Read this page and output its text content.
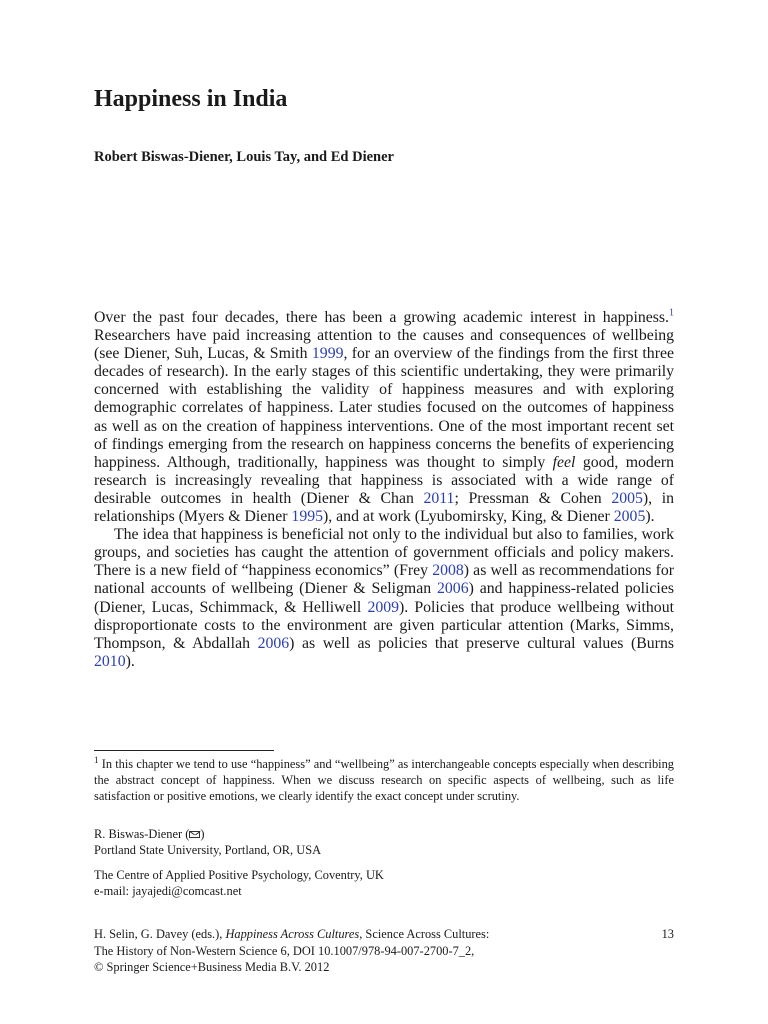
Happiness in India
Robert Biswas-Diener, Louis Tay, and Ed Diener

Over the past four decades, there has been a growing academic interest in happiness.$^1$ Researchers have paid increasing attention to the causes and consequences of wellbeing (see Diener, Suh, Lucas, & Smith 1999, for an overview of the findings from the first three decades of research). In the early stages of this scientific undertaking, they were primarily concerned with establishing the validity of happiness measures and with exploring demographic correlates of happiness. Later studies focused on the outcomes of happiness as well as on the creation of happiness interventions. One of the most important recent set of findings emerging from the research on happiness concerns the benefits of experiencing happiness. Although, traditionally, happiness was thought to simply feel good, modern research is increasingly revealing that happiness is associated with a wide range of desirable outcomes in health (Diener & Chan 2011; Pressman & Cohen 2005), in relationships (Myers & Diener 1995), and at work (Lyubomirsky, King, & Diener 2005).

The idea that happiness is beneficial not only to the individual but also to families, work groups, and societies has caught the attention of government officials and policy makers. There is a new field of “happiness economics” (Frey 2008) as well as recommendations for national accounts of wellbeing (Diener & Seligman 2006) and happiness-related policies (Diener, Lucas, Schimmack, & Helliwell 2009). Policies that produce wellbeing without disproportionate costs to the environment are given particular attention (Marks, Simms, Thompson, & Abdallah 2006) as well as policies that preserve cultural values (Burns 2010).

$^1$ In this chapter we tend to use “happiness” and “wellbeing” as interchangeable concepts especially when describing the abstract concept of happiness. When we discuss research on specific aspects of wellbeing, such as life satisfaction or positive emotions, we clearly identify the exact concept under scrutiny.

R. Biswas-Diener ( )
Portland State University, Portland, OR, USA
The Centre of Applied Positive Psychology, Coventry, UK
e-mail: jayajedi@comcast.net
H. Selin, G. Davey (eds.), Happiness Across Cultures, Science Across Cultures:
The History of Non-Western Science 6, DOI 10.1007/978-94-007-2700-7_2,
© Springer Science+Business Media B.V. 2012
13
